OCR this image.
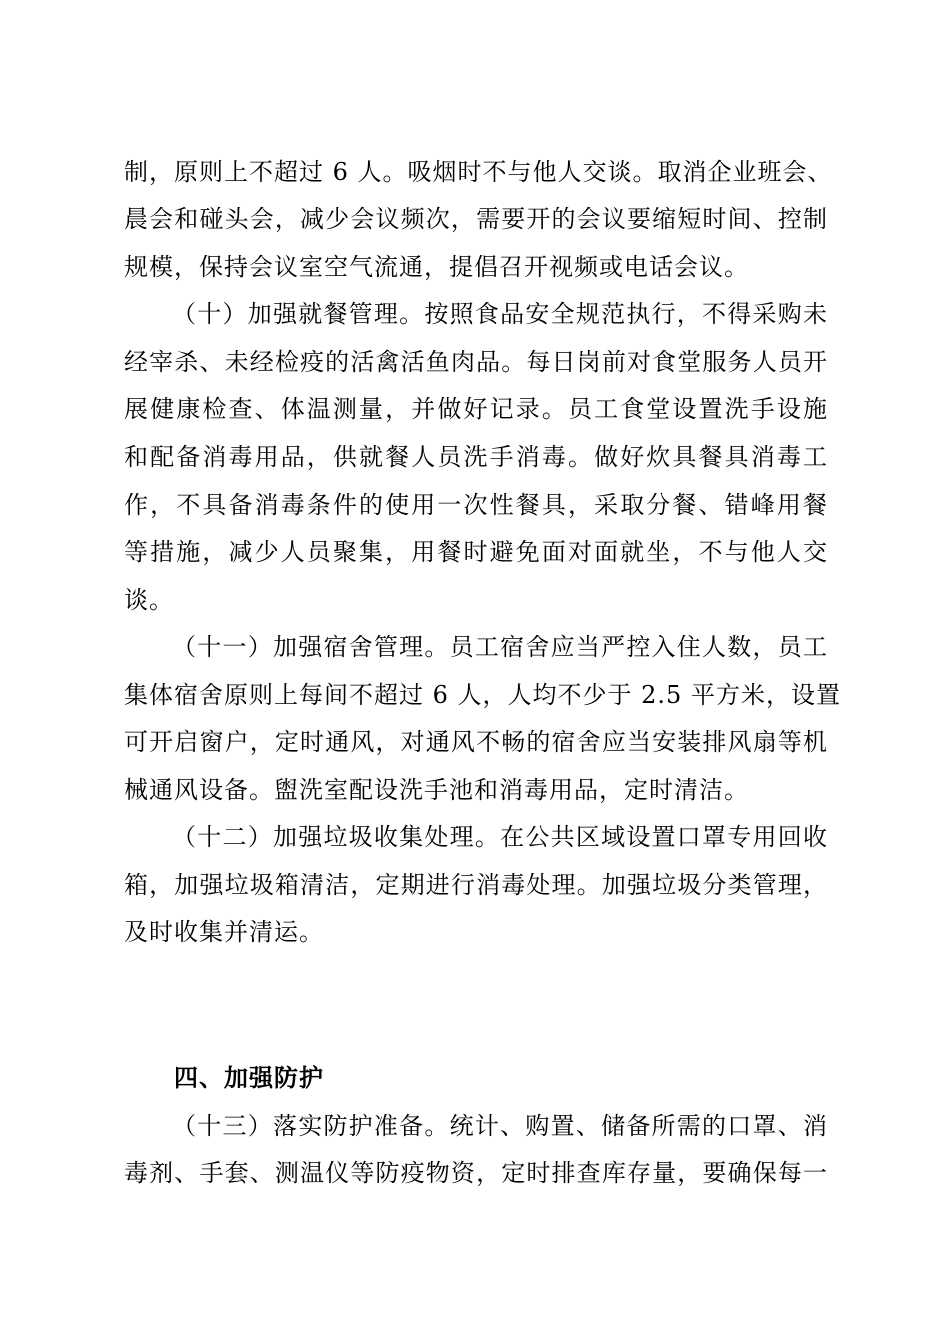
制，原则上不超过 6 人。吸烟时不与他人交谈。取消企业班会、
晨会和碰头会，减少会议频次，需要开的会议要缩短时间、控制
规模，保持会议室空气流通，提倡召开视频或电话会议。
（十）加强就餐管理。按照食品安全规范执行，不得采购未
经宰杀、未经检疫的活禽活鱼肉品。每日岗前对食堂服务人员开
展健康检查、体温测量，并做好记录。员工食堂设置洗手设施
和配备消毒用品，供就餐人员洗手消毒。做好炊具餐具消毒工
作，不具备消毒条件的使用一次性餐具，采取分餐、错峰用餐
等措施，减少人员聚集，用餐时避免面对面就坐，不与他人交
谈。
（十一）加强宿舍管理。员工宿舍应当严控入住人数，员工
集体宿舍原则上每间不超过 6 人，人均不少于 2.5 平方米，设置
可开启窗户，定时通风，对通风不畅的宿舍应当安装排风扇等机
械通风设备。盥洗室配设洗手池和消毒用品，定时清洁。
（十二）加强垃圾收集处理。在公共区域设置口罩专用回收
箱，加强垃圾箱清洁，定期进行消毒处理。加强垃圾分类管理，
及时收集并清运。
四、加强防护
（十三）落实防护准备。统计、购置、储备所需的口罩、消
毒剂、手套、测温仪等防疫物资，定时排查库存量，要确保每一
